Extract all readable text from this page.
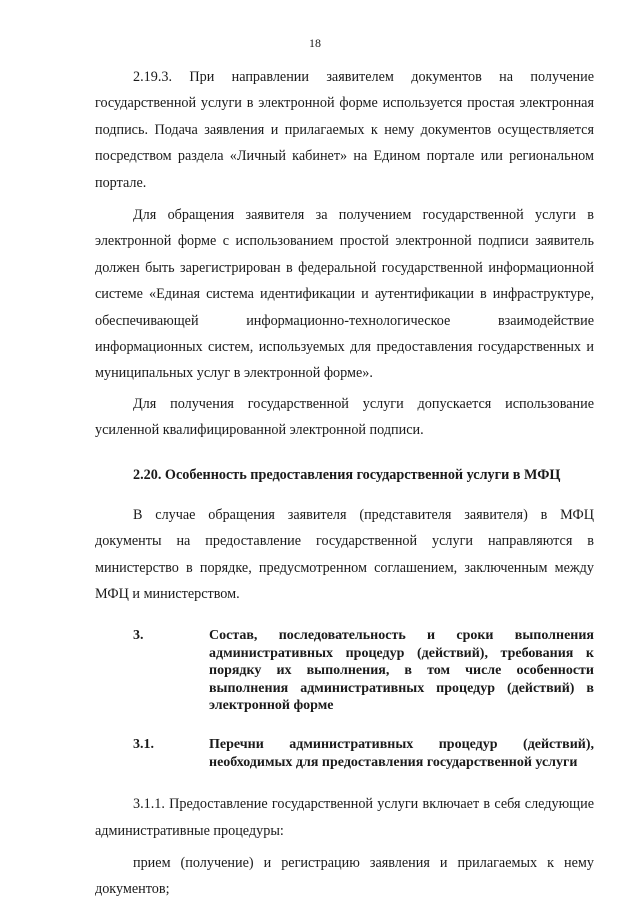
18

2.19.3. При направлении заявителем документов на получение государственной услуги в электронной форме используется простая электронная подпись. Подача заявления и прилагаемых к нему документов осуществляется посредством раздела «Личный кабинет» на Едином портале или региональном портале.

Для обращения заявителя за получением государственной услуги в электронной форме с использованием простой электронной подписи заявитель должен быть зарегистрирован в федеральной государственной информационной системе «Единая система идентификации и аутентификации в инфраструктуре, обеспечивающей информационно-технологическое взаимодействие информационных систем, используемых для предоставления государственных и муниципальных услуг в электронной форме».

Для получения государственной услуги допускается использование усиленной квалифицированной электронной подписи.

2.20. Особенность предоставления государственной услуги в МФЦ

В случае обращения заявителя (представителя заявителя) в МФЦ документы на предоставление государственной услуги направляются в министерство в порядке, предусмотренном соглашением, заключенным между МФЦ и министерством.

3.	Состав, последовательность и сроки выполнения административных процедур (действий), требования к порядку их выполнения, в том числе особенности выполнения административных процедур (действий) в электронной форме
3.1.	Перечни административных процедур (действий), необходимых для предоставления государственной услуги

3.1.1. Предоставление государственной услуги включает в себя следующие административные процедуры:

прием (получение) и регистрацию заявления и прилагаемых к нему документов;
